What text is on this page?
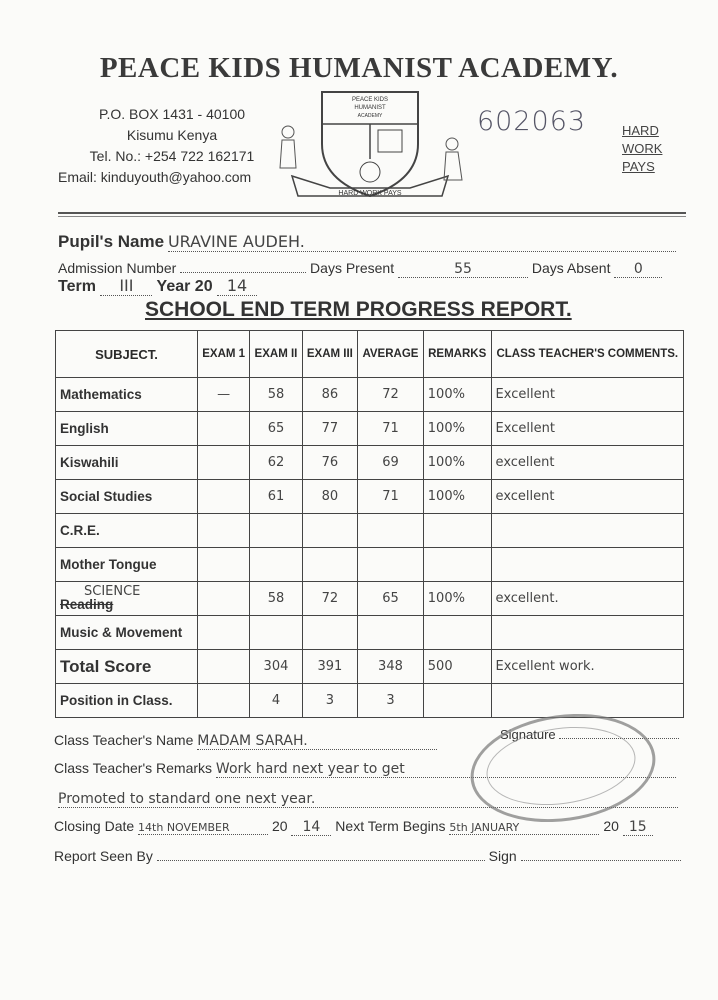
PEACE KIDS HUMANIST ACADEMY.
P.O. BOX 1431 - 40100
Kisumu Kenya
Tel. No.: +254 722 162171
Email: kinduyouth@yahoo.com
PEACE KIDS
HUMANIST
ACADEMY
HARD WORK PAYS
602063	HARD
WORK
PAYS
Pupil's Name URAVINE AUDEH.
Admission Number	Days Present	55	Days Absent 0
Term III Year 20 14
SCHOOL END TERM PROGRESS REPORT.
SUBJECT.	EXAM 1	EXAM II	EXAM III	AVERAGE	REMARKS	CLASS TEACHER'S COMMENTS.
Mathematics	—	58	86	72	100%	Excellent
English		65	77	71	100%	Excellent
Kiswahili		62	76	69	100%	excellent
Social Studies		61	80	71	100%	excellent
C.R.E.						
Mother Tongue						

SCIENCE
Reading		58	72	65	100%	excellent.
Music & Movement						
Total Score		304	391	348	500	Excellent work.
Position in Class.		4	3	3		
Class Teacher's Name MADAM SARAH.	Signature
Class Teacher's Remarks Work hard next year to get
Promoted to standard one next year.
Closing Date 14th NOVEMBER	20 14 Next Term Begins 5th JANUARY	20 15
Report Seen By	Sign
